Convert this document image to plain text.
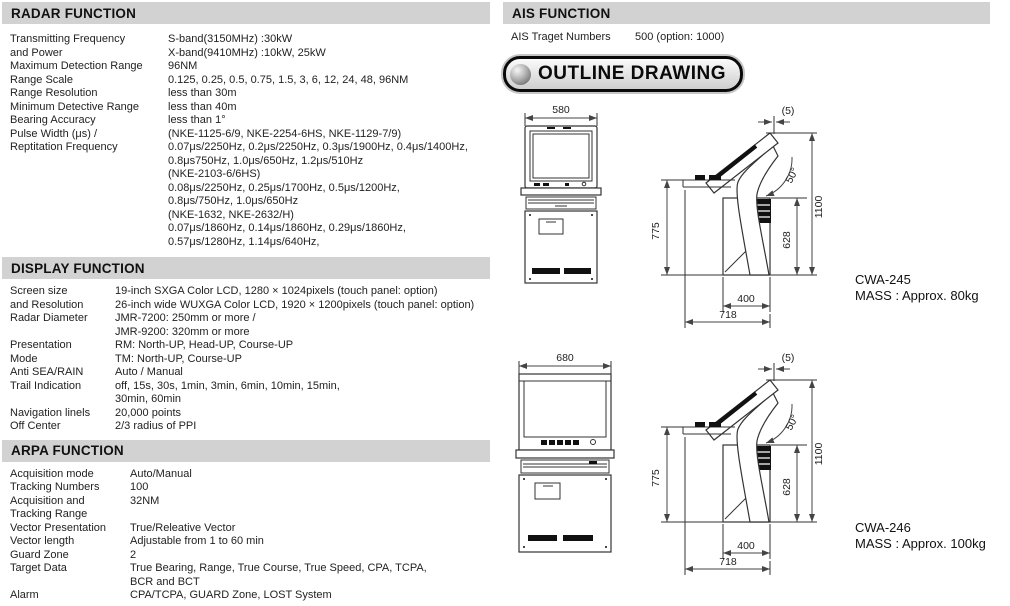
RADAR FUNCTION
Transmitting Frequency	S-band(3150MHz) :30kW
and Power	X-band(9410MHz) :10kW, 25kW
Maximum Detection Range	96NM
Range Scale	0.125, 0.25, 0.5, 0.75, 1.5, 3, 6, 12, 24, 48, 96NM
Range Resolution	less than 30m
Minimum Detective Range	less than 40m
Bearing Accuracy	less than 1°
Pulse Width (μs) /	(NKE-1125-6/9, NKE-2254-6HS, NKE-1129-7/9)
Reptitation Frequency	0.07μs/2250Hz, 0.2μs/2250Hz, 0.3μs/1900Hz, 0.4μs/1400Hz,
0.8μs750Hz, 1.0μs/650Hz, 1.2μs/510Hz
(NKE-2103-6/6HS)
0.08μs/2250Hz, 0.25μs/1700Hz, 0.5μs/1200Hz,
0.8μs/750Hz, 1.0μs/650Hz
(NKE-1632, NKE-2632/H)
0.07μs/1860Hz, 0.14μs/1860Hz, 0.29μs/1860Hz,
0.57μs/1280Hz, 1.14μs/640Hz,
DISPLAY FUNCTION
Screen size	19-inch SXGA Color LCD, 1280 × 1024pixels (touch panel: option)
and Resolution	26-inch wide WUXGA Color LCD, 1920 × 1200pixels (touch panel: option)
Radar Diameter	JMR-7200: 250mm or more /
JMR-9200: 320mm or more
Presentation	RM: North-UP, Head-UP, Course-UP
Mode	TM: North-UP, Course-UP
Anti SEA/RAIN	Auto / Manual
Trail Indication	off, 15s, 30s, 1min, 3min, 6min, 10min, 15min,
30min, 60min
Navigation linels	20,000 points
Off Center	2/3 radius of PPI
ARPA FUNCTION
Acquisition mode	Auto/Manual
Tracking Numbers	100
Acquisition and	32NM
Tracking Range
Vector Presentation	True/Releative Vector
Vector length	Adjustable from 1 to 60 min
Guard Zone	2
Target Data	True Bearing, Range, True Course, True Speed, CPA, TCPA,
BCR and BCT
Alarm	CPA/TCPA, GUARD Zone, LOST System
AIS FUNCTION
AIS Traget Numbers	500 (option: 1000)
OUTLINE DRAWING
580	(5)
775
1100
628
400
718
50°
CWA-245
MASS : Approx. 80kg
680	(5)
775
1100
628
400
718
50°
CWA-246
MASS : Approx. 100kg
